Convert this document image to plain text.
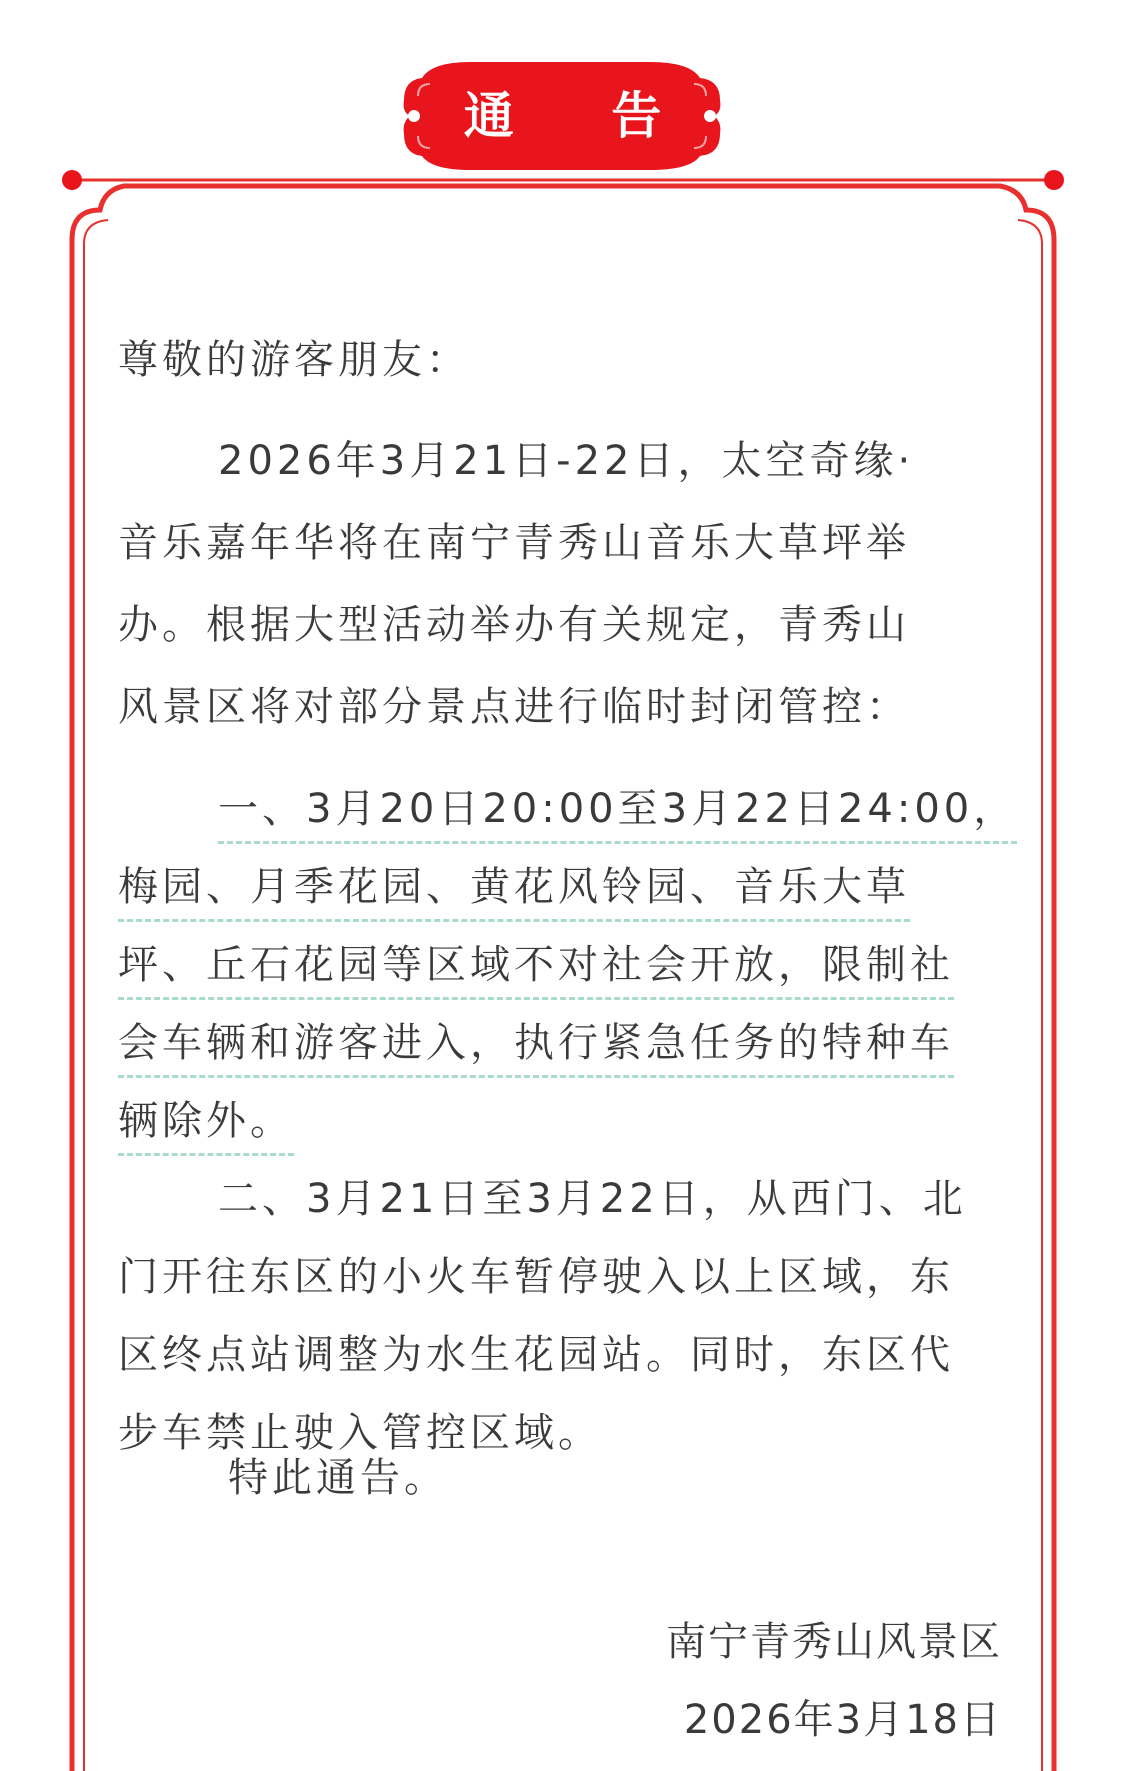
通 告
尊敬的游客朋友：
2026年3月21日-22日，太空奇缘·
音乐嘉年华将在南宁青秀山音乐大草坪举
办。根据大型活动举办有关规定，青秀山
风景区将对部分景点进行临时封闭管控：
一、3月20日20:00至3月22日24:00，
梅园、月季花园、黄花风铃园、音乐大草
坪、丘石花园等区域不对社会开放，限制社
会车辆和游客进入，执行紧急任务的特种车
辆除外。
二、3月21日至3月22日，从西门、北
门开往东区的小火车暂停驶入以上区域，东
区终点站调整为水生花园站。同时，东区代
步车禁止驶入管控区域。
特此通告。
南宁青秀山风景区
2026年3月18日
